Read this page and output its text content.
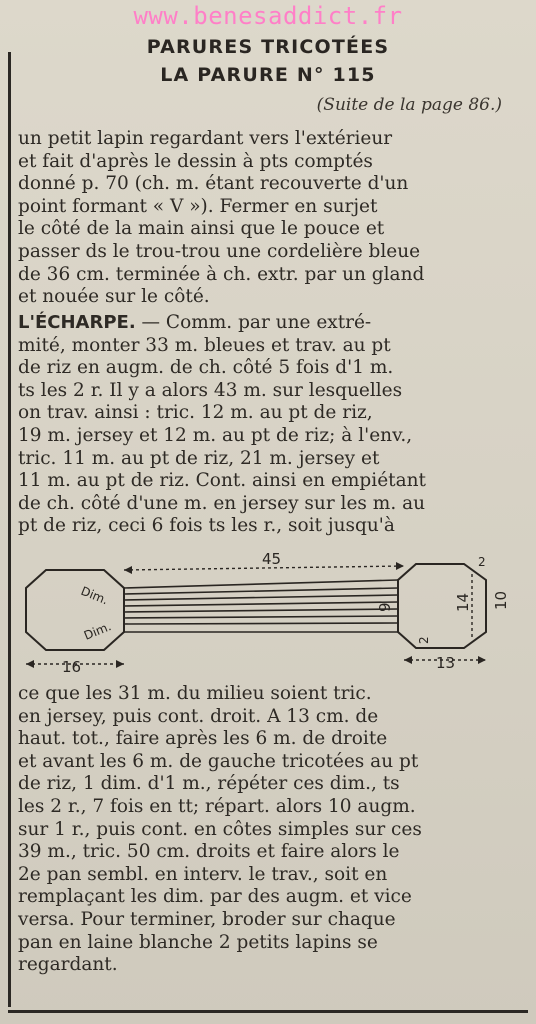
www.benesaddict.fr
PARURES TRICOTÉES
LA PARURE N° 115
(Suite de la page 86.)
un petit lapin regardant vers l'extérieur
et fait d'après le dessin à pts comptés
donné p. 70 (ch. m. étant recouverte d'un
point formant « V »). Fermer en surjet
le côté de la main ainsi que le pouce et
passer ds le trou-trou une cordelière bleue
de 36 cm. terminée à ch. extr. par un gland
et nouée sur le côté.
L'ÉCHARPE. — Comm. par une extré-
mité, monter 33 m. bleues et trav. au pt
de riz en augm. de ch. côté 5 fois d'1 m.
ts les 2 r. Il y a alors 43 m. sur lesquelles
on trav. ainsi : tric. 12 m. au pt de riz,
19 m. jersey et 12 m. au pt de riz; à l'env.,
tric. 11 m. au pt de riz, 21 m. jersey et
11 m. au pt de riz. Cont. ainsi en empiétant
de ch. côté d'une m. en jersey sur les m. au
pt de riz, ceci 6 fois ts les r., soit jusqu'à
45
16	13
14 10
9
2
2
Dim.
Dim.
ce que les 31 m. du milieu soient tric.
en jersey, puis cont. droit. A 13 cm. de
haut. tot., faire après les 6 m. de droite
et avant les 6 m. de gauche tricotées au pt
de riz, 1 dim. d'1 m., répéter ces dim., ts
les 2 r., 7 fois en tt; répart. alors 10 augm.
sur 1 r., puis cont. en côtes simples sur ces
39 m., tric. 50 cm. droits et faire alors le
2e pan sembl. en interv. le trav., soit en
remplaçant les dim. par des augm. et vice
versa. Pour terminer, broder sur chaque
pan en laine blanche 2 petits lapins se
regardant.
